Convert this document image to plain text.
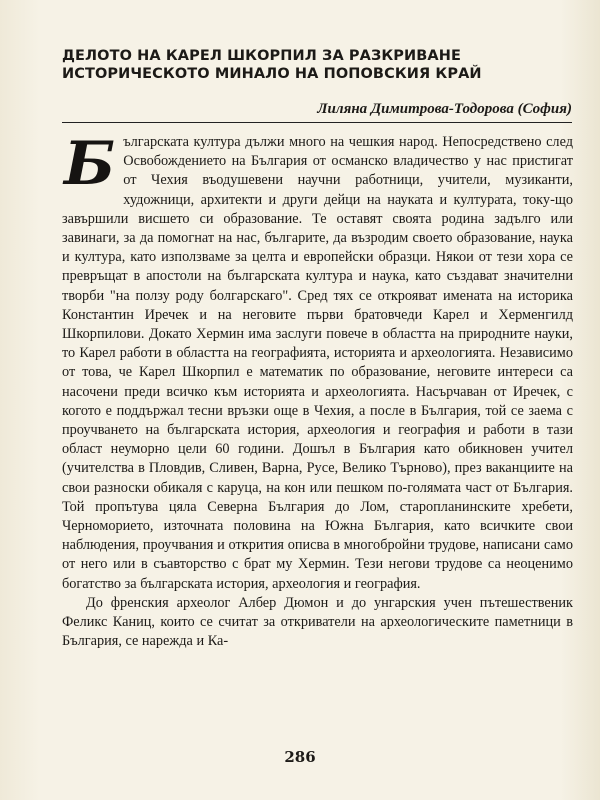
ДЕЛОТО НА КАРЕЛ ШКОРПИЛ ЗА РАЗКРИВАНЕ
ИСТОРИЧЕСКОТО МИНАЛО НА ПОПОВСКИЯ КРАЙ
Лиляна Димитрова-Тодорова (София)

Българската култура дължи много на чешкия народ. Непосредствено след Освобождението на България от османско владичество у нас пристигат от Чехия въодушевени научни работници, учители, музиканти, художници, архитекти и други дейци на науката и културата, току-що завършили висшето си образование. Те оставят своята родина задълго или завинаги, за да помогнат на нас, българите, да възродим своето образование, наука и култура, като използваме за целта и европейски образци. Някои от тези хора се превръщат в апостоли на българската култура и наука, като създават значителни творби "на ползу роду болгарскаго". Сред тях се открояват имената на историка Константин Иречек и на неговите първи братовчеди Карел и Херменгилд Шкорпилови. Докато Хермин има заслуги повече в областта на природните науки, то Карел работи в областта на географията, историята и археологията. Независимо от това, че Карел Шкорпил е математик по образование, неговите интереси са насочени преди всичко към историята и археологията. Насърчаван от Иречек, с когото е поддържал тесни връзки още в Чехия, а после в България, той се заема с проучването на българската история, археология и география и работи в тази област неуморно цели 60 години. Дошъл в България като обикновен учител (учителства в Пловдив, Сливен, Варна, Русе, Велико Търново), през ваканциите на свои разноски обикаля с каруца, на кон или пешком по-голямата част от България. Той пропътува цяла Северна България до Лом, старопланинските хребети, Черноморието, източната половина на Южна България, като всичките свои наблюдения, проучвания и открития описва в многобройни трудове, написани само от него или в съавторство с брат му Хермин. Тези негови трудове са неоценимо богатство за българската история, археология и география.

До френския археолог Албер Дюмон и до унгарския учен пътешественик Феликс Каниц, които се считат за откриватели на археологическите паметници в България, се нарежда и Ка-

286
